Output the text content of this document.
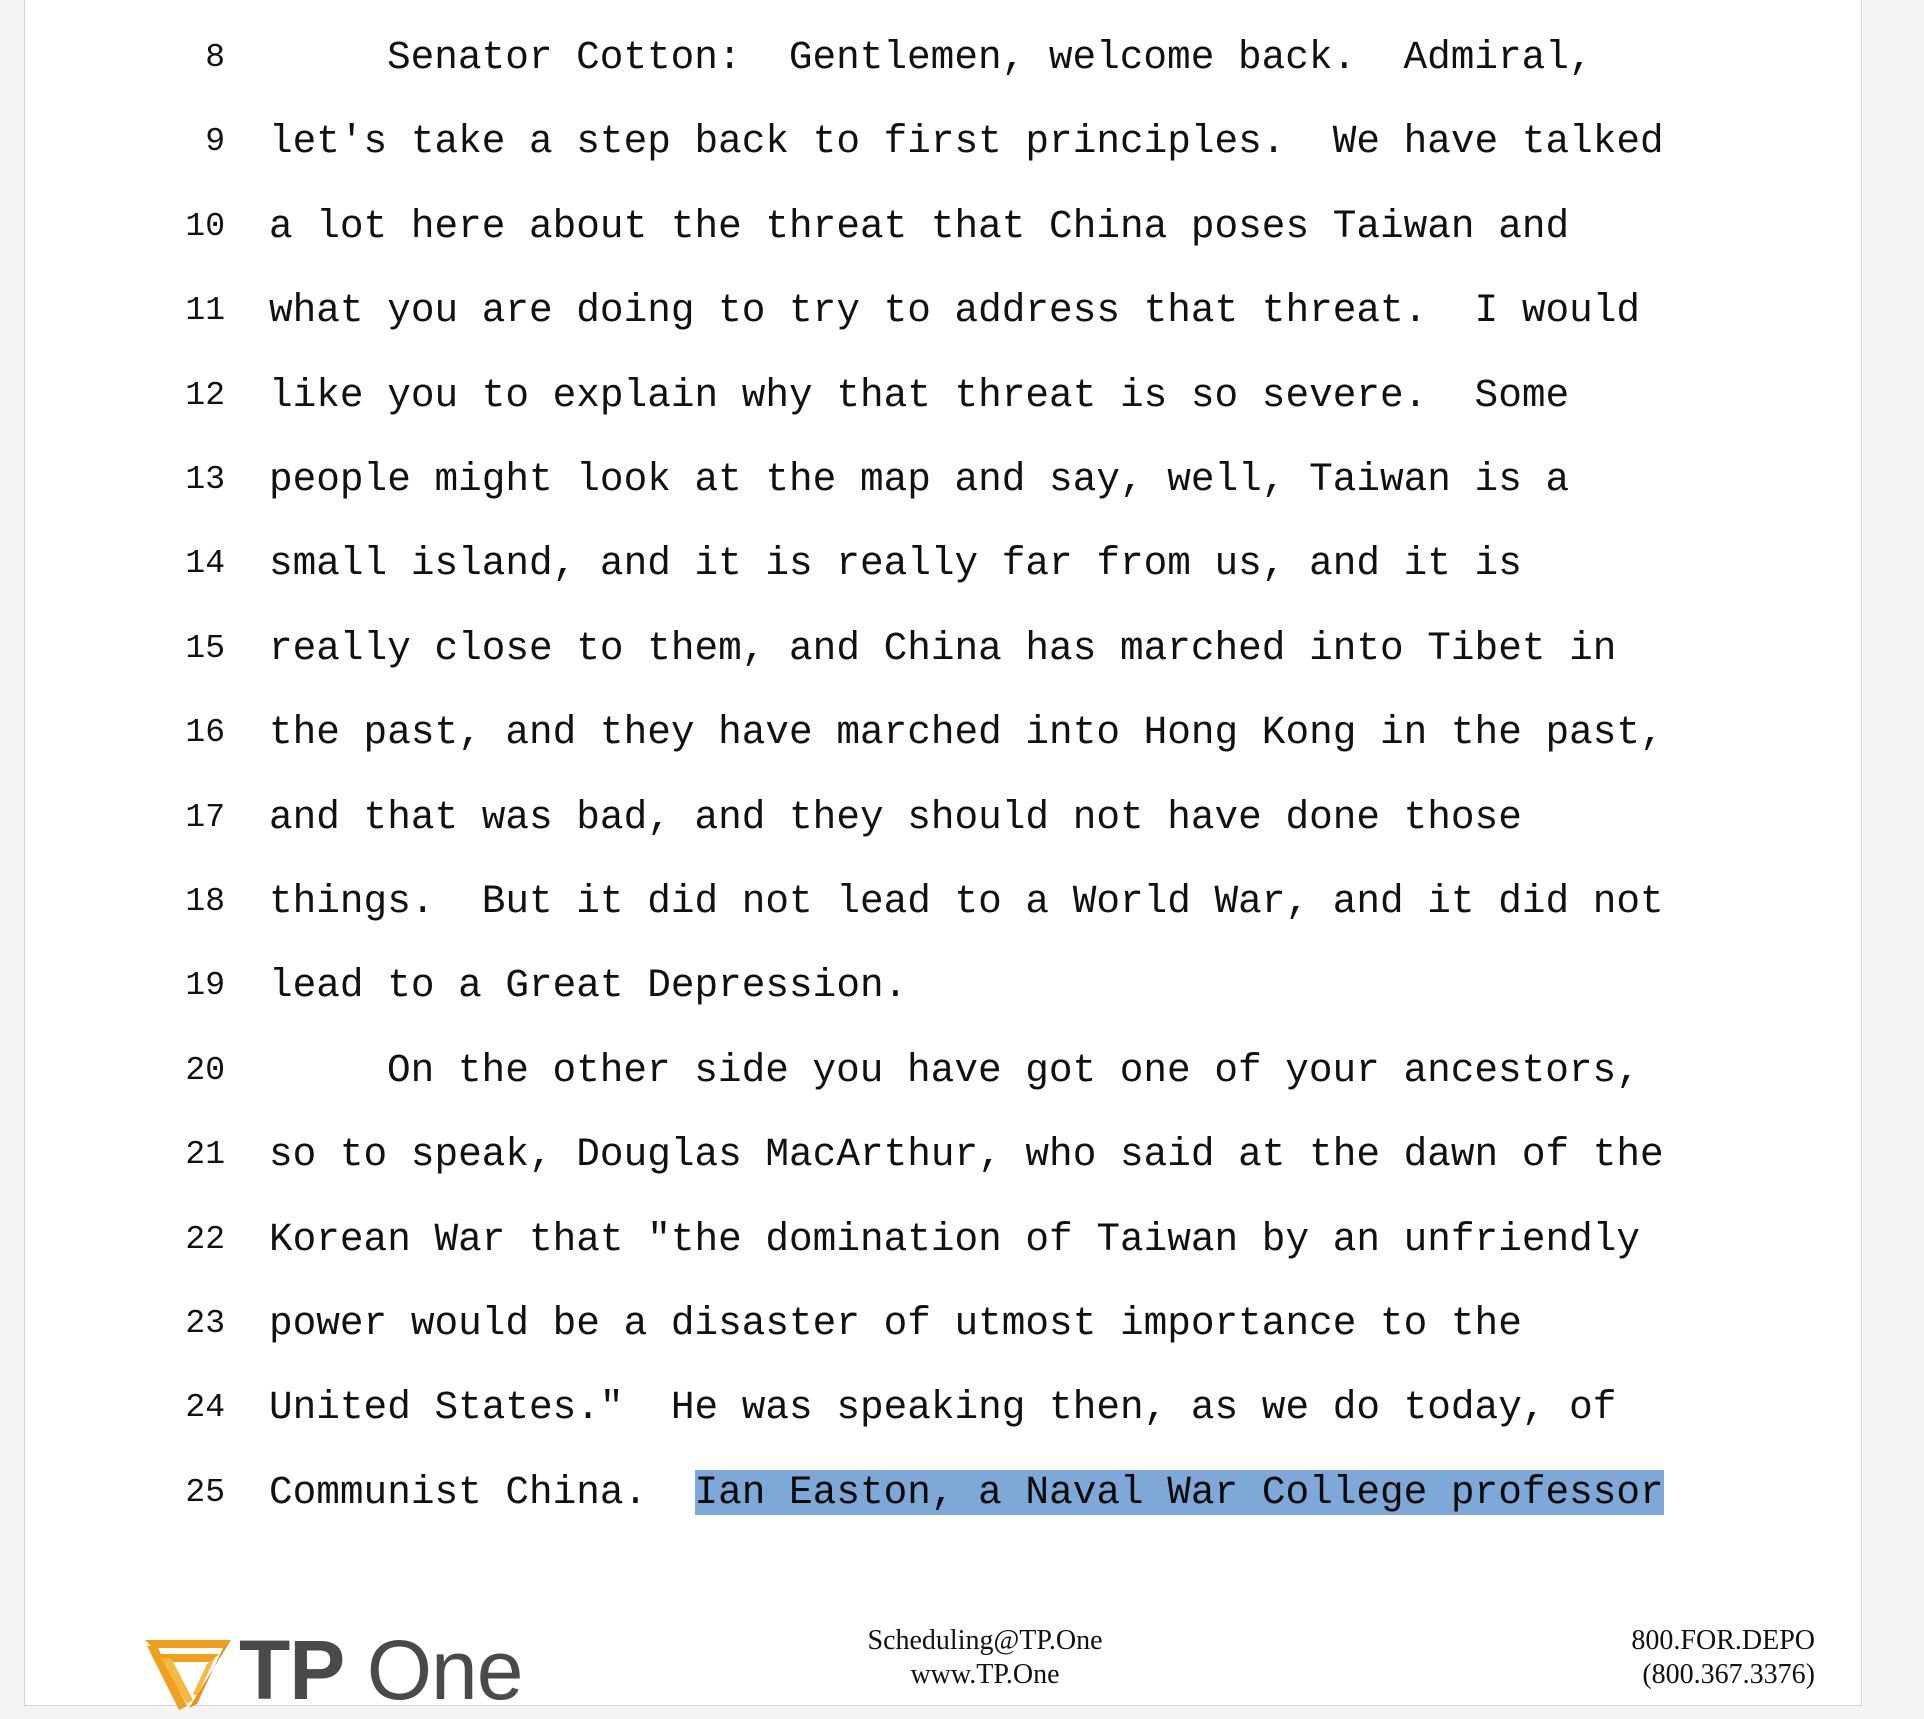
8	Senator Cotton:  Gentlemen, welcome back.  Admiral,
9 let's take a step back to first principles.  We have talked
10 a lot here about the threat that China poses Taiwan and
11 what you are doing to try to address that threat.  I would
12 like you to explain why that threat is so severe.  Some
13 people might look at the map and say, well, Taiwan is a
14 small island, and it is really far from us, and it is
15 really close to them, and China has marched into Tibet in
16 the past, and they have marched into Hong Kong in the past,
17 and that was bad, and they should not have done those
18 things.  But it did not lead to a World War, and it did not
19 lead to a Great Depression.
20	On the other side you have got one of your ancestors,
21 so to speak, Douglas MacArthur, who said at the dawn of the
22 Korean War that "the domination of Taiwan by an unfriendly
23 power would be a disaster of utmost importance to the
24 United States."  He was speaking then, as we do today, of
25 Communist China.  Ian Easton, a Naval War College professor
TP One	Scheduling@TP.One
www.TP.One
800.FOR.DEPO
(800.367.3376)
